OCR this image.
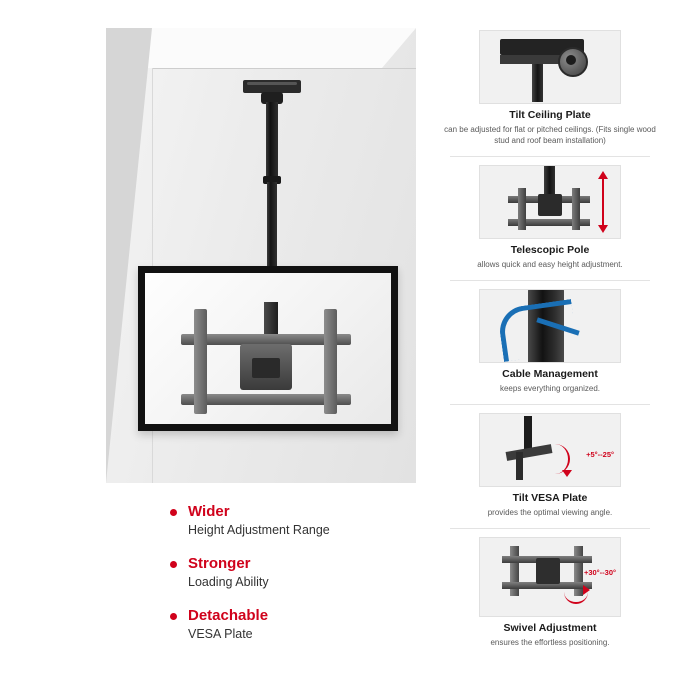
Wider
Height Adjustment Range
Stronger
Loading Ability
Detachable
VESA Plate
Tilt Ceiling Plate
can be adjusted for flat or pitched ceilings. (Fits single wood stud and roof beam installation)
Telescopic Pole
allows quick and easy height adjustment.
Cable Management
keeps everything organized.
+5°--25°
Tilt VESA Plate
provides the optimal viewing angle.
+30°--30°
Swivel Adjustment
ensures the effortless positioning.
